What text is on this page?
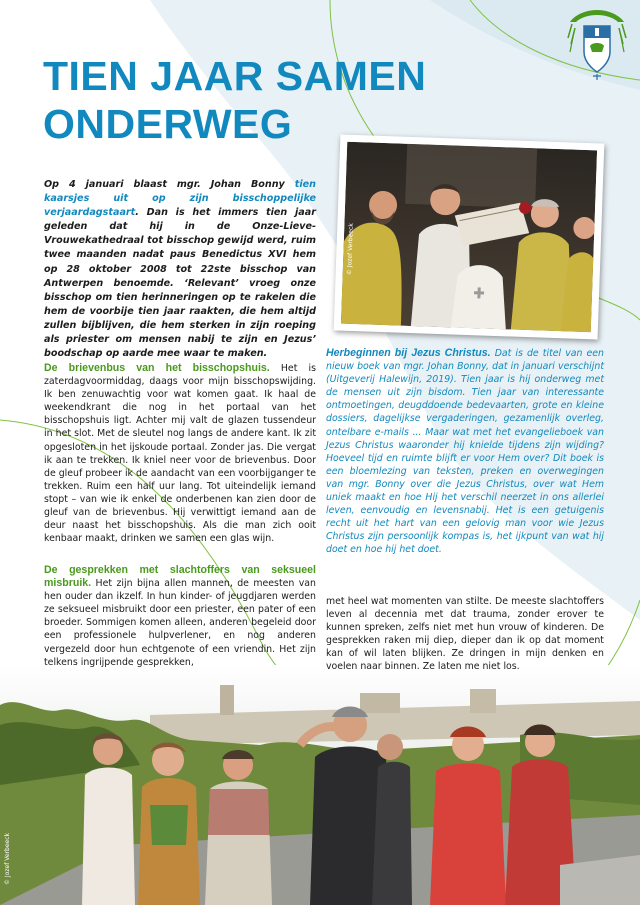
TIEN JAAR SAMEN
ONDERWEG

Op 4 januari blaast mgr. Johan Bonny tien kaarsjes uit op zijn bisschoppelijke verjaardagstaart. Dan is het immers tien jaar geleden dat hij in de Onze-Lieve-Vrouwekathedraal tot bisschop gewijd werd, ruim twee maanden nadat paus Benedictus XVI hem op 28 oktober 2008 tot 22ste bisschop van Antwerpen benoemde. ‘Relevant’ vroeg onze bisschop om tien herinneringen op te rakelen die hem de voorbije tien jaar raakten, die hem altijd zullen bijblijven, die hem sterken in zijn roeping als priester om mensen nabij te zijn en Jezus’ boodschap op aarde mee waar te maken.

© Jozef Verbeeck

De brievenbus van het bisschopshuis. Het is zaterdagvoormiddag, daags voor mijn bisschopswijding. Ik ben zenuwachtig voor wat komen gaat. Ik haal de weekendkrant die nog in het portaal van het bisschopshuis ligt. Achter mij valt de glazen tussendeur in het slot. Met de sleutel nog langs de andere kant. Ik zit opgesloten in het ijskoude portaal. Zonder jas. Die vergat ik aan te trekken. Ik kniel neer voor de brievenbus. Door de gleuf probeer ik de aandacht van een voorbijganger te trekken. Ruim een half uur lang. Tot uiteindelijk iemand stopt – van wie ik enkel de onderbenen kan zien door de gleuf van de brievenbus. Hij verwittigt iemand aan de deur naast het bisschopshuis. Als die man zich ooit kenbaar maakt, drinken we samen een glas wijn.

De gesprekken met slachtoffers van seksueel misbruik. Het zijn bijna allen mannen, de meesten van hen ouder dan ikzelf. In hun kinder- of jeugdjaren werden ze seksueel misbruikt door een priester, een pater of een broeder. Sommigen komen alleen, anderen begeleid door een professionele hulpverlener, en nog anderen vergezeld door hun echtgenote of een vriendin. Het zijn telkens ingrijpende gesprekken,

Herbeginnen bij Jezus Christus. Dat is de titel van een nieuw boek van mgr. Johan Bonny, dat in januari verschijnt (Uitgeverij Halewijn, 2019). Tien jaar is hij onderweg met de mensen uit zijn bisdom. Tien jaar van interessante ontmoetingen, deugddoende bedevaarten, grote en kleine dossiers, dagelijkse vergaderingen, gezamenlijk overleg, ontelbare e-mails ... Maar wat met het evangelieboek van Jezus Christus waaronder hij knielde tijdens zijn wijding? Hoeveel tijd en ruimte blijft er voor Hem over? Dit boek is een bloemlezing van teksten, preken en overwegingen van mgr. Bonny over die Jezus Christus, over wat Hem uniek maakt en hoe Hij het verschil neerzet in ons allerlei leven, eenvoudig en levensnabij. Het is een getuigenis recht uit het hart van een gelovig man voor wie Jezus Christus zijn persoonlijk kompas is, het ijkpunt van wat hij doet en hoe hij het doet.

met heel wat momenten van stilte. De meeste slachtoffers leven al decennia met dat trauma, zonder erover te kunnen spreken, zelfs niet met hun vrouw of kinderen. De gesprekken raken mij diep, dieper dan ik op dat moment kan of wil laten blijken. Ze dringen in mijn denken en voelen naar binnen. Ze laten me niet los.

© Jozef Verbeeck
